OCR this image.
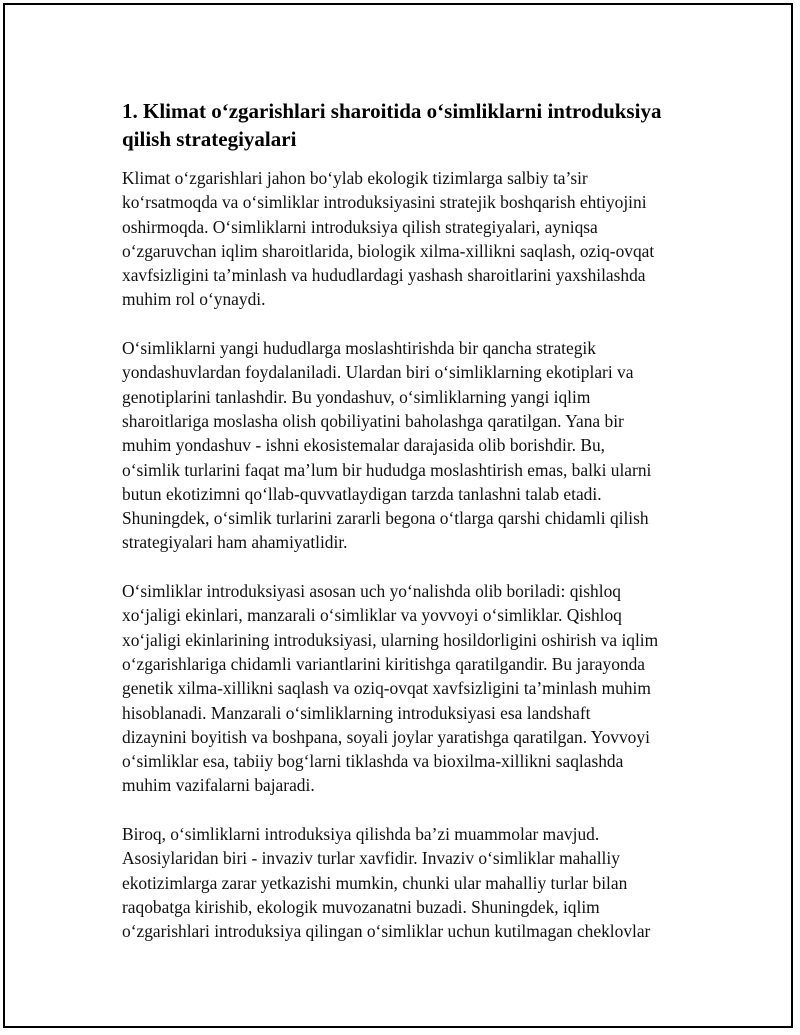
1. Klimat o‘zgarishlari sharoitida o‘simliklarni introduksiya
qilish strategiyalari

Klimat o‘zgarishlari jahon bo‘ylab ekologik tizimlarga salbiy ta’sir
ko‘rsatmoqda va o‘simliklar introduksiyasini stratejik boshqarish ehtiyojini
oshirmoqda. O‘simliklarni introduksiya qilish strategiyalari, ayniqsa
o‘zgaruvchan iqlim sharoitlarida, biologik xilma-xillikni saqlash, oziq-ovqat
xavfsizligini ta’minlash va hududlardagi yashash sharoitlarini yaxshilashda
muhim rol o‘ynaydi.

O‘simliklarni yangi hududlarga moslashtirishda bir qancha strategik
yondashuvlardan foydalaniladi. Ulardan biri o‘simliklarning ekotiplari va
genotiplarini tanlashdir. Bu yondashuv, o‘simliklarning yangi iqlim
sharoitlariga moslasha olish qobiliyatini baholashga qaratilgan. Yana bir
muhim yondashuv - ishni ekosistemalar darajasida olib borishdir. Bu,
o‘simlik turlarini faqat ma’lum bir hududga moslashtirish emas, balki ularni
butun ekotizimni qo‘llab-quvvatlaydigan tarzda tanlashni talab etadi.
Shuningdek, o‘simlik turlarini zararli begona o‘tlarga qarshi chidamli qilish
strategiyalari ham ahamiyatlidir.

O‘simliklar introduksiyasi asosan uch yo‘nalishda olib boriladi: qishloq
xo‘jaligi ekinlari, manzarali o‘simliklar va yovvoyi o‘simliklar. Qishloq
xo‘jaligi ekinlarining introduksiyasi, ularning hosildorligini oshirish va iqlim
o‘zgarishlariga chidamli variantlarini kiritishga qaratilgandir. Bu jarayonda
genetik xilma-xillikni saqlash va oziq-ovqat xavfsizligini ta’minlash muhim
hisoblanadi. Manzarali o‘simliklarning introduksiyasi esa landshaft
dizaynini boyitish va boshpana, soyali joylar yaratishga qaratilgan. Yovvoyi
o‘simliklar esa, tabiiy bog‘larni tiklashda va bioxilma-xillikni saqlashda
muhim vazifalarni bajaradi.

Biroq, o‘simliklarni introduksiya qilishda ba’zi muammolar mavjud.
Asosiylaridan biri - invaziv turlar xavfidir. Invaziv o‘simliklar mahalliy
ekotizimlarga zarar yetkazishi mumkin, chunki ular mahalliy turlar bilan
raqobatga kirishib, ekologik muvozanatni buzadi. Shuningdek, iqlim
o‘zgarishlari introduksiya qilingan o‘simliklar uchun kutilmagan cheklovlar
